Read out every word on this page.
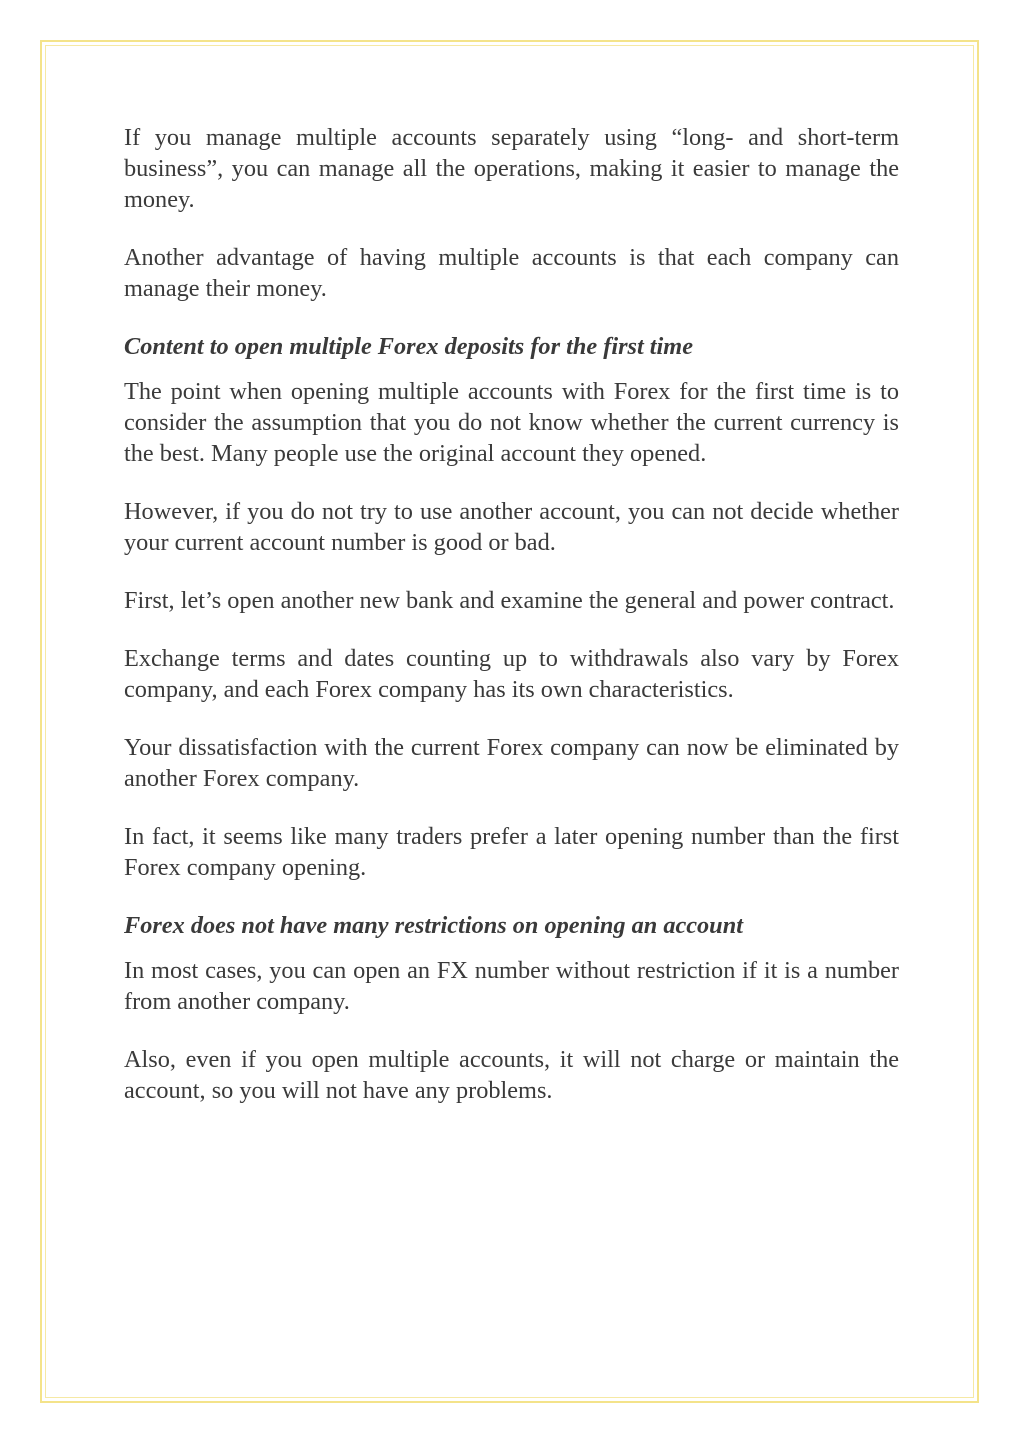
If you manage multiple accounts separately using “long- and short-term business”, you can manage all the operations, making it easier to manage the money.

Another advantage of having multiple accounts is that each company can manage their money.

Content to open multiple Forex deposits for the first time

The point when opening multiple accounts with Forex for the first time is to consider the assumption that you do not know whether the current currency is the best. Many people use the original account they opened.

However, if you do not try to use another account, you can not decide whether your current account number is good or bad.

First, let’s open another new bank and examine the general and power contract.

Exchange terms and dates counting up to withdrawals also vary by Forex company, and each Forex company has its own characteristics.

Your dissatisfaction with the current Forex company can now be eliminated by another Forex company.

In fact, it seems like many traders prefer a later opening number than the first Forex company opening.

Forex does not have many restrictions on opening an account

In most cases, you can open an FX number without restriction if it is a number from another company.

Also, even if you open multiple accounts, it will not charge or maintain the account, so you will not have any problems.
